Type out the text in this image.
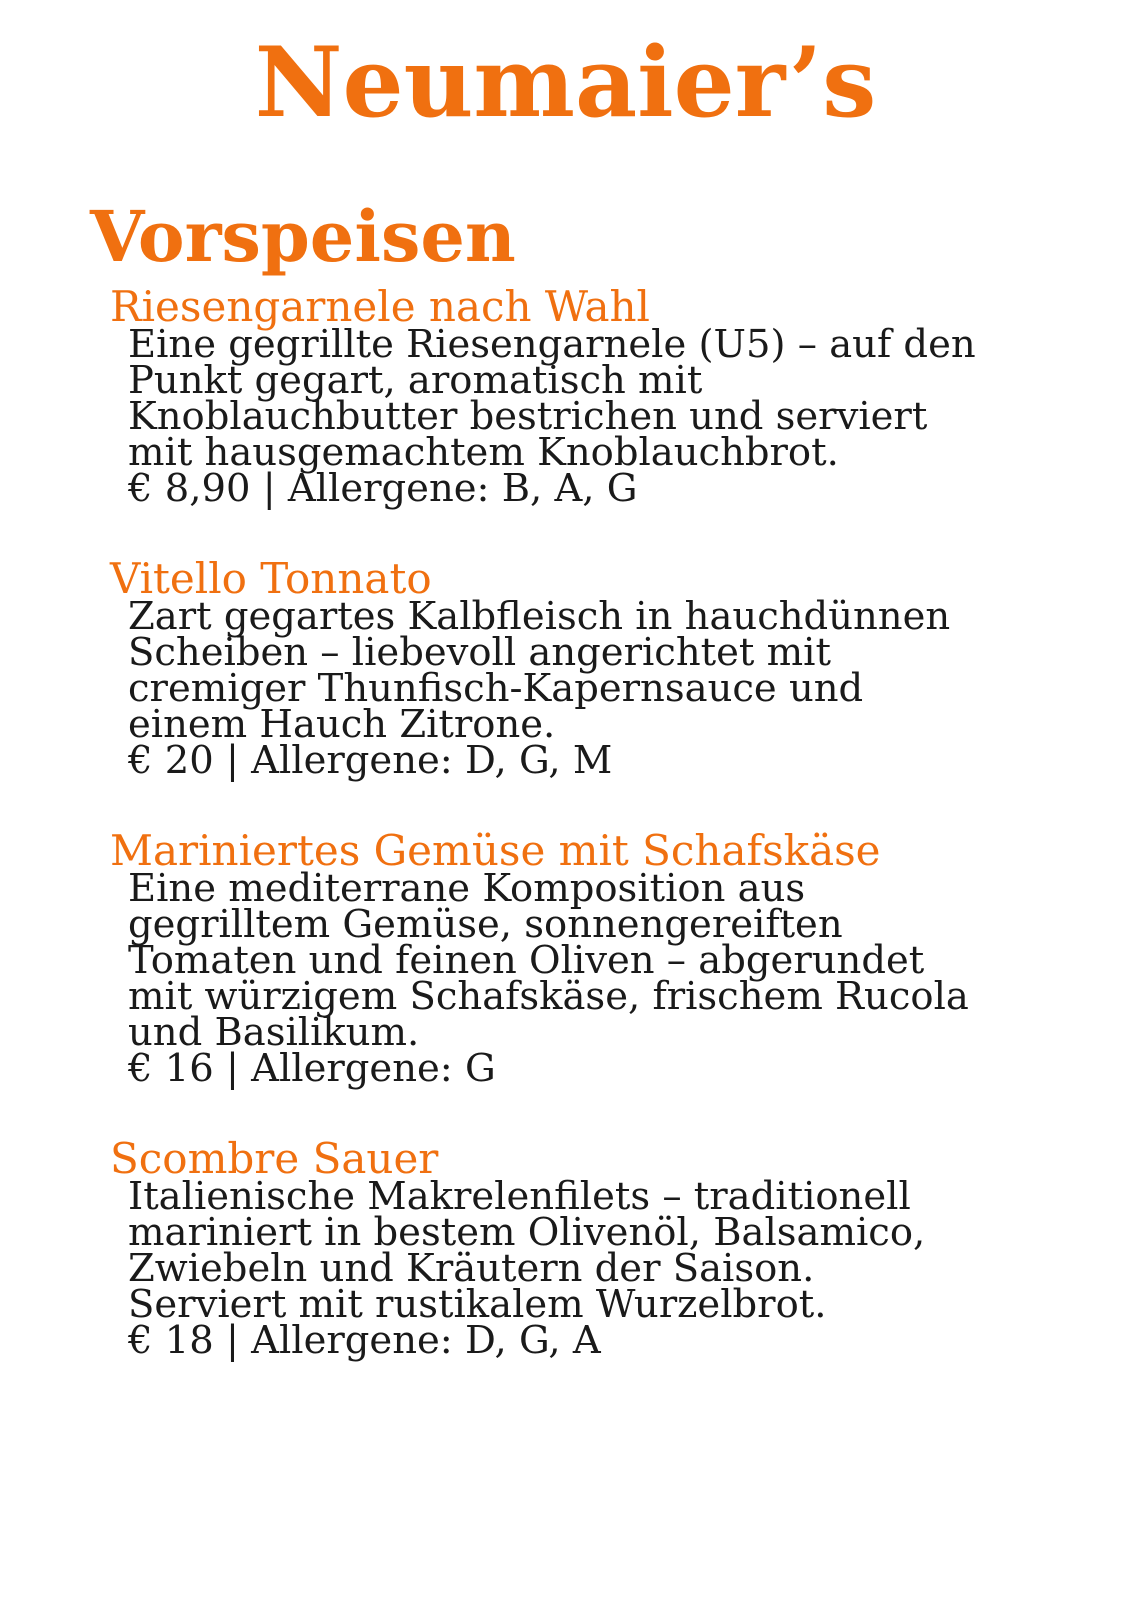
Neumaier’s
Vorspeisen
Riesengarnele nach Wahl

Eine gegrillte Riesengarnele (U5) – auf den
Punkt gegart, aromatisch mit
Knoblauchbutter bestrichen und serviert
mit hausgemachtem Knoblauchbrot.

€ 8,90 | Allergene: B, A, G

Vitello Tonnato

Zart gegartes Kalbfleisch in hauchdünnen
Scheiben – liebevoll angerichtet mit
cremiger Thunfisch-Kapernsauce und
einem Hauch Zitrone.

€ 20 | Allergene: D, G, M

Mariniertes Gemüse mit Schafskäse

Eine mediterrane Komposition aus
gegrilltem Gemüse, sonnengereiften
Tomaten und feinen Oliven – abgerundet
mit würzigem Schafskäse, frischem Rucola
und Basilikum.

€ 16 | Allergene: G

Scombre Sauer

Italienische Makrelenfilets – traditionell
mariniert in bestem Olivenöl, Balsamico,
Zwiebeln und Kräutern der Saison.
Serviert mit rustikalem Wurzelbrot.

€ 18 | Allergene: D, G, A
